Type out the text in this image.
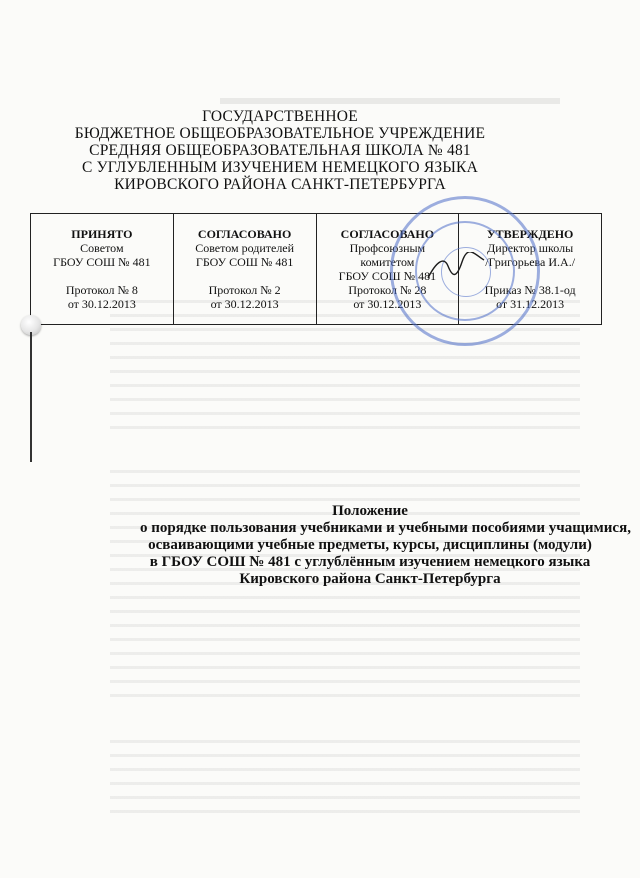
ГОСУДАРСТВЕННОЕ
БЮДЖЕТНОЕ ОБЩЕОБРАЗОВАТЕЛЬНОЕ УЧРЕЖДЕНИЕ
СРЕДНЯЯ ОБЩЕОБРАЗОВАТЕЛЬНАЯ ШКОЛА № 481
С УГЛУБЛЕННЫМ ИЗУЧЕНИЕМ НЕМЕЦКОГО ЯЗЫКА
КИРОВСКОГО РАЙОНА САНКТ-ПЕТЕРБУРГА
ПРИНЯТО
Советом
ГБОУ СОШ № 481
Протокол № 8
от 30.12.2013
СОГЛАСОВАНО
Советом родителей
ГБОУ СОШ № 481
Протокол № 2
от 30.12.2013
СОГЛАСОВАНО
Профсоюзным
комитетом
ГБОУ СОШ № 481
Протокол № 28
от 30.12.2013
УТВЕРЖДЕНО
Директор школы
/Григорьева И.А./
Приказ № 38.1-од
от 31.12.2013
Положение
о порядке пользования учебниками и учебными пособиями учащимися,
осваивающими учебные предметы, курсы, дисциплины (модули)
в ГБОУ СОШ № 481 с углублённым изучением немецкого языка
Кировского района Санкт-Петербурга
